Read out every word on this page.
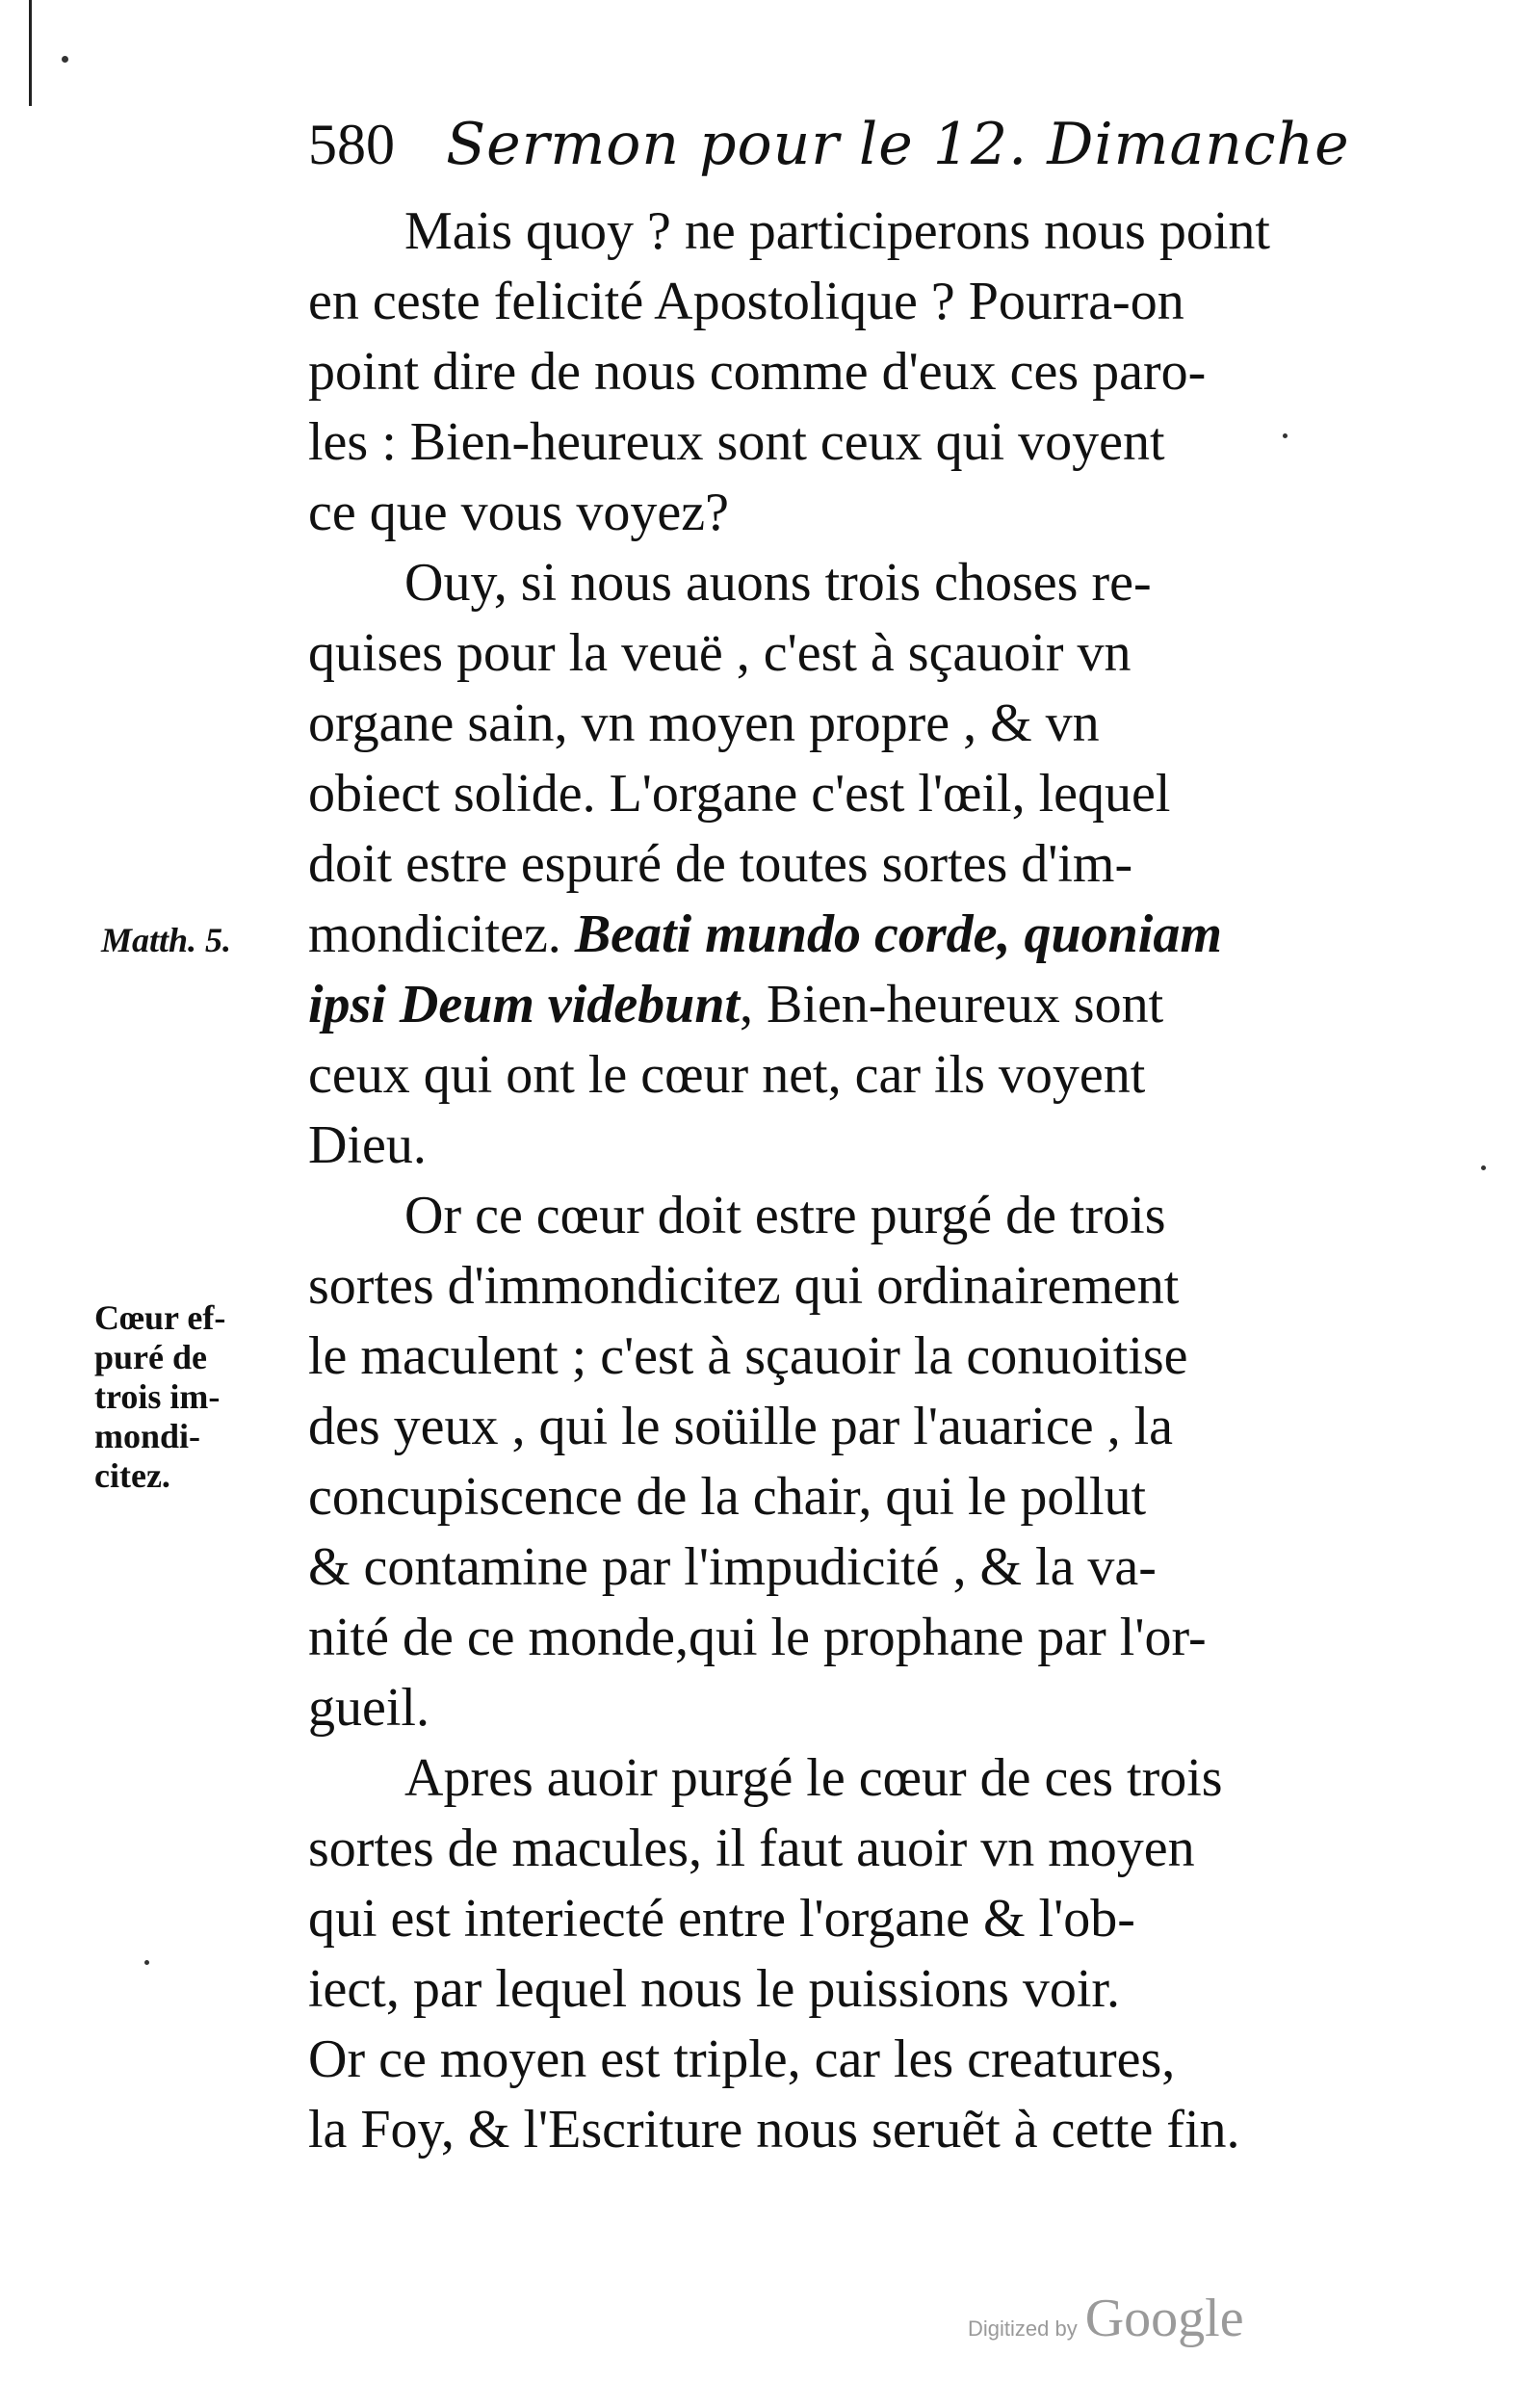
580 Sermon pour le 12. Dimanche
Mais quoy ? ne participerons nous point
en ceste felicité Apostolique ? Pourra-on
point dire de nous comme d'eux ces paro-
les : Bien-heureux sont ceux qui voyent
ce que vous voyez?
Ouy, si nous auons trois choses re-
quises pour la veuë , c'est à sçauoir vn
organe sain, vn moyen propre , & vn
obiect solide. L'organe c'est l'œil, lequel
doit estre espuré de toutes sortes d'im-
mondicitez. Beati mundo corde, quoniam
ipsi Deum videbunt, Bien-heureux sont
ceux qui ont le cœur net, car ils voyent
Dieu.
Or ce cœur doit estre purgé de trois
sortes d'immondicitez qui ordinairement
le maculent ; c'est à sçauoir la conuoitise
des yeux , qui le soüille par l'auarice , la
concupiscence de la chair, qui le pollut
& contamine par l'impudicité , & la va-
nité de ce monde,qui le prophane par l'or-
gueil.
Apres auoir purgé le cœur de ces trois
sortes de macules, il faut auoir vn moyen
qui est interiecté entre l'organe & l'ob-
iect, par lequel nous le puissions voir.
Or ce moyen est triple, car les creatures,
la Foy, & l'Escriture nous seruẽt à cette fin.
Matth. 5.
Cœur ef-
puré de
trois im-
mondi-
citez.
Digitized by Google
